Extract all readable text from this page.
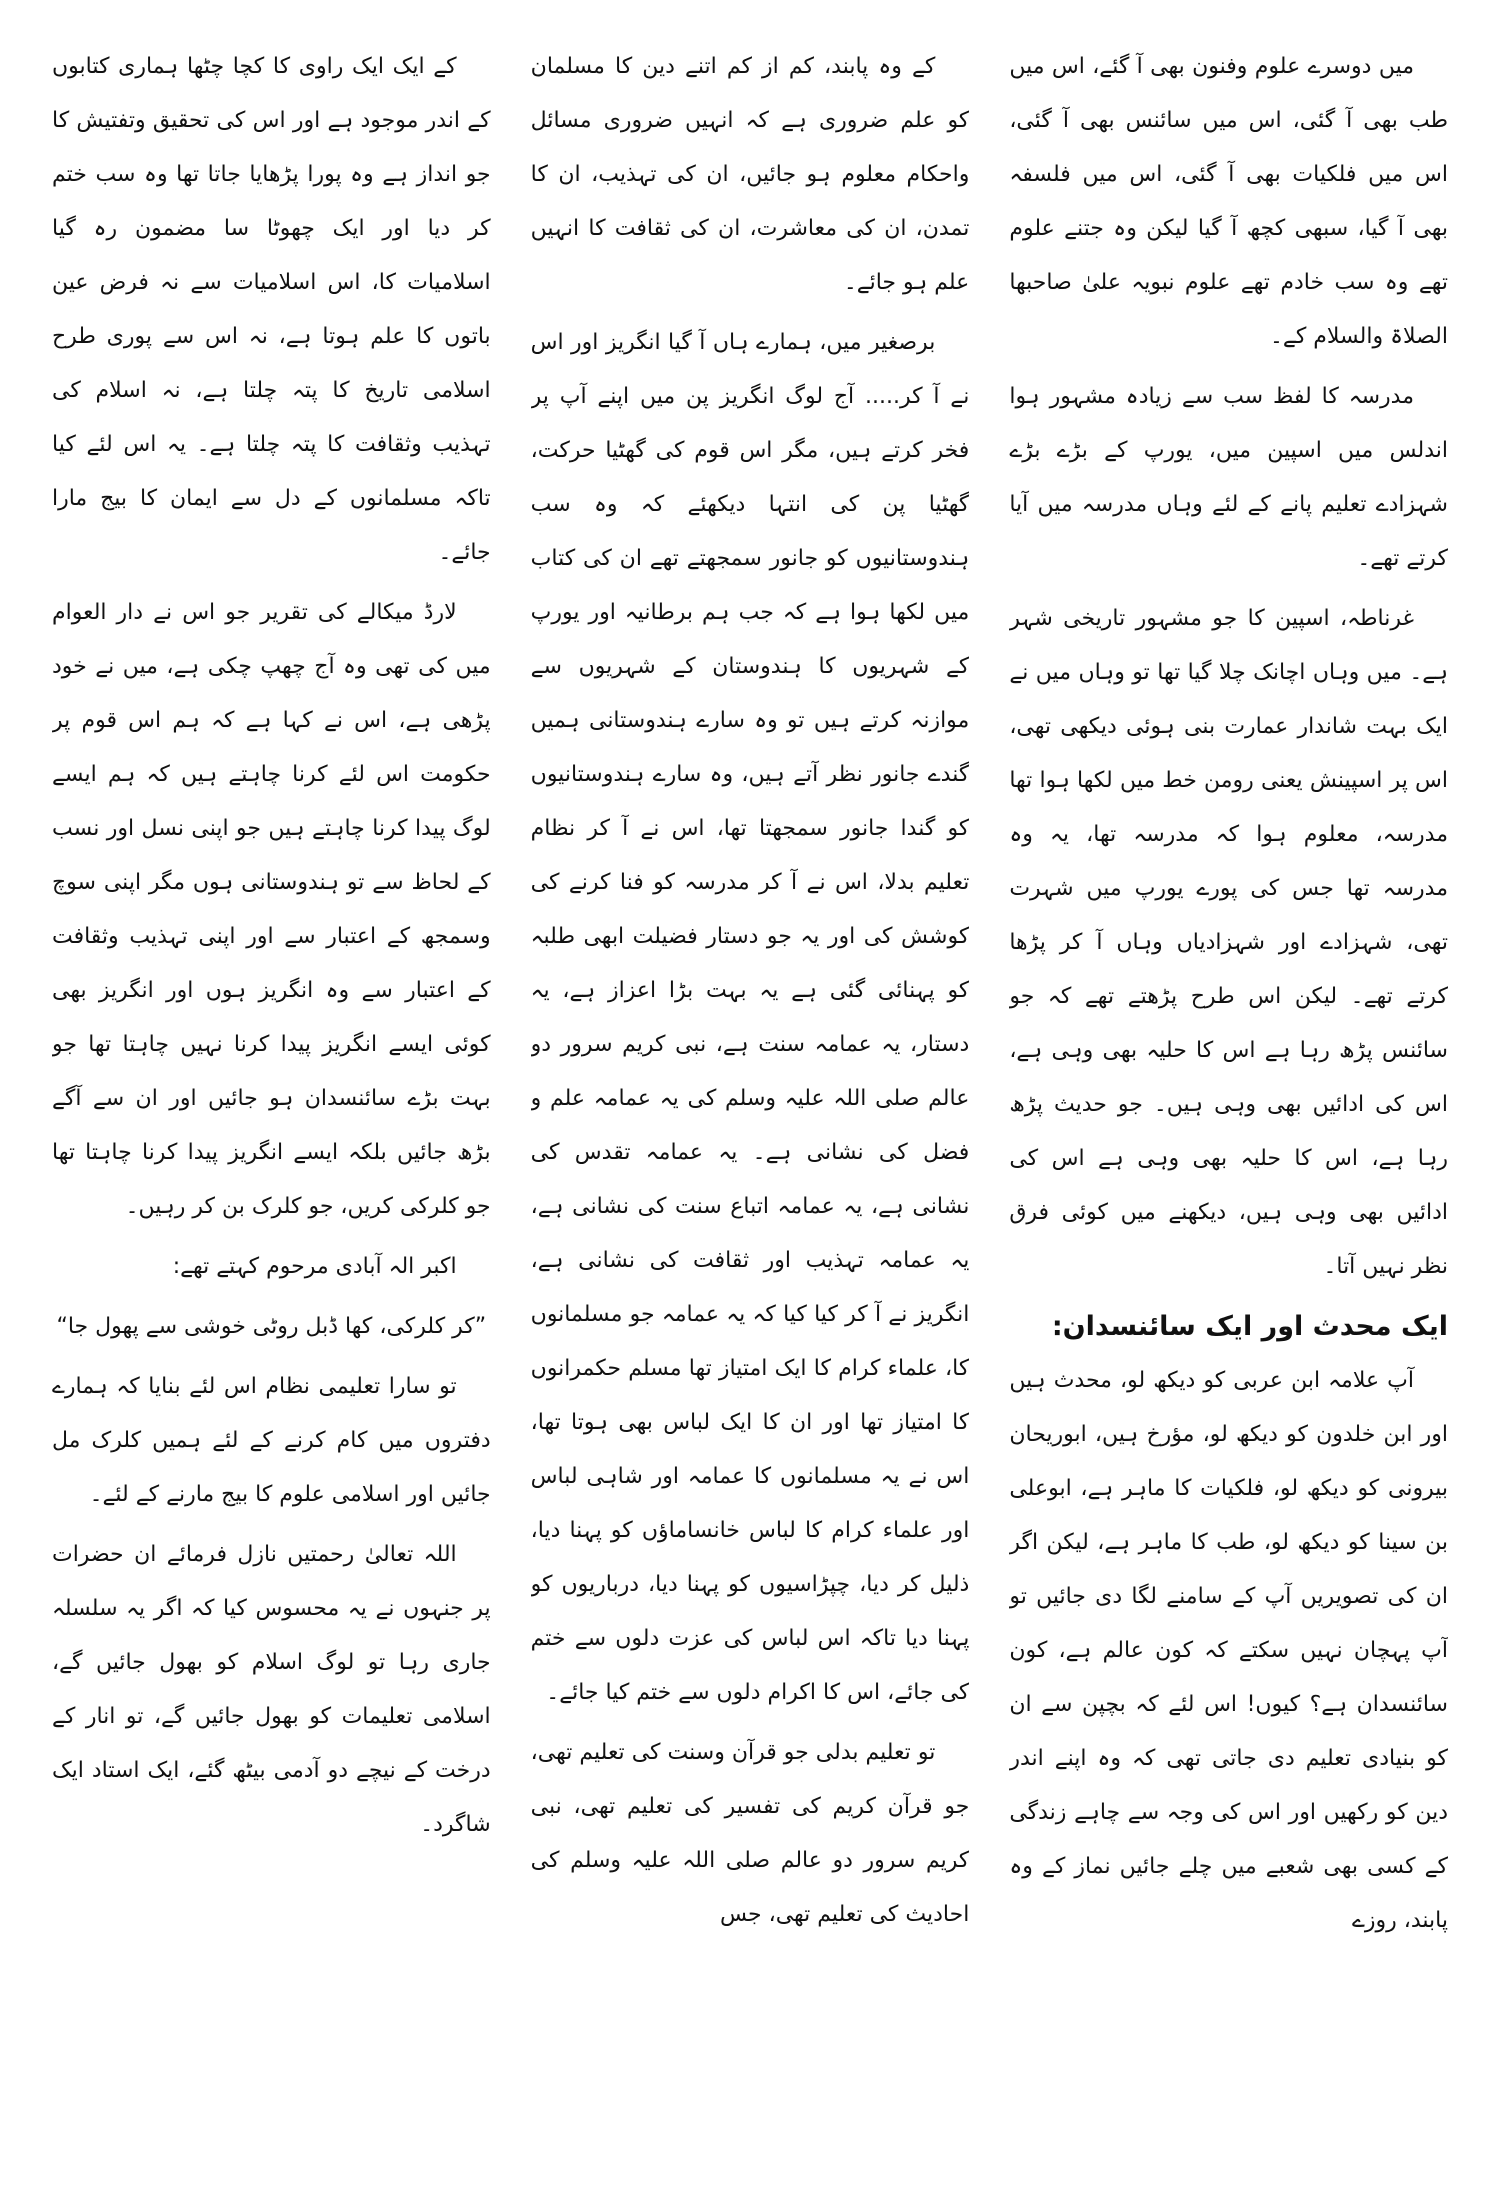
میں دوسرے علوم وفنون بھی آ گئے، اس میں طب بھی آ گئی، اس میں سائنس بھی آ گئی، اس میں فلکیات بھی آ گئی، اس میں فلسفہ بھی آ گیا، سبھی کچھ آ گیا لیکن وہ جتنے علوم تھے وہ سب خادم تھے علوم نبویہ علیٰ صاحبھا الصلاۃ والسلام کے۔

مدرسہ کا لفظ سب سے زیادہ مشہور ہوا اندلس میں اسپین میں، یورپ کے بڑے بڑے شہزادے تعلیم پانے کے لئے وہاں مدرسہ میں آیا کرتے تھے۔

غرناطہ، اسپین کا جو مشہور تاریخی شہر ہے۔ میں وہاں اچانک چلا گیا تھا تو وہاں میں نے ایک بہت شاندار عمارت بنی ہوئی دیکھی تھی، اس پر اسپینش یعنی رومن خط میں لکھا ہوا تھا مدرسہ، معلوم ہوا کہ مدرسہ تھا، یہ وہ مدرسہ تھا جس کی پورے یورپ میں شہرت تھی، شہزادے اور شہزادیاں وہاں آ کر پڑھا کرتے تھے۔ لیکن اس طرح پڑھتے تھے کہ جو سائنس پڑھ رہا ہے اس کا حلیہ بھی وہی ہے، اس کی ادائیں بھی وہی ہیں۔ جو حدیث پڑھ رہا ہے، اس کا حلیہ بھی وہی ہے اس کی ادائیں بھی وہی ہیں، دیکھنے میں کوئی فرق نظر نہیں آتا۔

ایک محدث اور ایک سائنسدان:

آپ علامہ ابن عربی کو دیکھ لو، محدث ہیں اور ابن خلدون کو دیکھ لو، مؤرخ ہیں، ابوریحان بیرونی کو دیکھ لو، فلکیات کا ماہر ہے، ابوعلی بن سینا کو دیکھ لو، طب کا ماہر ہے، لیکن اگر ان کی تصویریں آپ کے سامنے لگا دی جائیں تو آپ پہچان نہیں سکتے کہ کون عالم ہے، کون سائنسدان ہے؟ کیوں! اس لئے کہ بچپن سے ان کو بنیادی تعلیم دی جاتی تھی کہ وہ اپنے اندر دین کو رکھیں اور اس کی وجہ سے چاہے زندگی کے کسی بھی شعبے میں چلے جائیں نماز کے وہ پابند، روزے

کے وہ پابند، کم از کم اتنے دین کا مسلمان کو علم ضروری ہے کہ انہیں ضروری مسائل واحکام معلوم ہو جائیں، ان کی تہذیب، ان کا تمدن، ان کی معاشرت، ان کی ثقافت کا انہیں علم ہو جائے۔

برصغیر میں، ہمارے ہاں آ گیا انگریز اور اس نے آ کر..... آج لوگ انگریز پن میں اپنے آپ پر فخر کرتے ہیں، مگر اس قوم کی گھٹیا حرکت، گھٹیا پن کی انتہا دیکھئے کہ وہ سب ہندوستانیوں کو جانور سمجھتے تھے ان کی کتاب میں لکھا ہوا ہے کہ جب ہم برطانیہ اور یورپ کے شہریوں کا ہندوستان کے شہریوں سے موازنہ کرتے ہیں تو وہ سارے ہندوستانی ہمیں گندے جانور نظر آتے ہیں، وہ سارے ہندوستانیوں کو گندا جانور سمجھتا تھا، اس نے آ کر نظام تعلیم بدلا، اس نے آ کر مدرسہ کو فنا کرنے کی کوشش کی اور یہ جو دستار فضیلت ابھی طلبہ کو پہنائی گئی ہے یہ بہت بڑا اعزاز ہے، یہ دستار، یہ عمامہ سنت ہے، نبی کریم سرور دو عالم صلی اللہ علیہ وسلم کی یہ عمامہ علم و فضل کی نشانی ہے۔ یہ عمامہ تقدس کی نشانی ہے، یہ عمامہ اتباع سنت کی نشانی ہے، یہ عمامہ تہذیب اور ثقافت کی نشانی ہے، انگریز نے آ کر کیا کیا کہ یہ عمامہ جو مسلمانوں کا، علماء کرام کا ایک امتیاز تھا مسلم حکمرانوں کا امتیاز تھا اور ان کا ایک لباس بھی ہوتا تھا، اس نے یہ مسلمانوں کا عمامہ اور شاہی لباس اور علماء کرام کا لباس خانساماؤں کو پہنا دیا، ذلیل کر دیا، چپڑاسیوں کو پہنا دیا، درباریوں کو پہنا دیا تاکہ اس لباس کی عزت دلوں سے ختم کی جائے، اس کا اکرام دلوں سے ختم کیا جائے۔

تو تعلیم بدلی جو قرآن وسنت کی تعلیم تھی، جو قرآن کریم کی تفسیر کی تعلیم تھی، نبی کریم سرور دو عالم صلی اللہ علیہ وسلم کی احادیث کی تعلیم تھی، جس

کے ایک ایک راوی کا کچا چٹھا ہماری کتابوں کے اندر موجود ہے اور اس کی تحقیق وتفتیش کا جو انداز ہے وہ پورا پڑھایا جاتا تھا وہ سب ختم کر دیا اور ایک چھوٹا سا مضمون رہ گیا اسلامیات کا، اس اسلامیات سے نہ فرض عین باتوں کا علم ہوتا ہے، نہ اس سے پوری طرح اسلامی تاریخ کا پتہ چلتا ہے، نہ اسلام کی تہذیب وثقافت کا پتہ چلتا ہے۔ یہ اس لئے کیا تاکہ مسلمانوں کے دل سے ایمان کا بیج مارا جائے۔

لارڈ میکالے کی تقریر جو اس نے دار العوام میں کی تھی وہ آج چھپ چکی ہے، میں نے خود پڑھی ہے، اس نے کہا ہے کہ ہم اس قوم پر حکومت اس لئے کرنا چاہتے ہیں کہ ہم ایسے لوگ پیدا کرنا چاہتے ہیں جو اپنی نسل اور نسب کے لحاظ سے تو ہندوستانی ہوں مگر اپنی سوچ وسمجھ کے اعتبار سے اور اپنی تہذیب وثقافت کے اعتبار سے وہ انگریز ہوں اور انگریز بھی کوئی ایسے انگریز پیدا کرنا نہیں چاہتا تھا جو بہت بڑے سائنسدان ہو جائیں اور ان سے آگے بڑھ جائیں بلکہ ایسے انگریز پیدا کرنا چاہتا تھا جو کلرکی کریں، جو کلرک بن کر رہیں۔

اکبر الہ آبادی مرحوم کہتے تھے:

”کر کلرکی، کھا ڈبل روٹی خوشی سے پھول جا“

تو سارا تعلیمی نظام اس لئے بنایا کہ ہمارے دفتروں میں کام کرنے کے لئے ہمیں کلرک مل جائیں اور اسلامی علوم کا بیج مارنے کے لئے۔

اللہ تعالیٰ رحمتیں نازل فرمائے ان حضرات پر جنہوں نے یہ محسوس کیا کہ اگر یہ سلسلہ جاری رہا تو لوگ اسلام کو بھول جائیں گے، اسلامی تعلیمات کو بھول جائیں گے، تو انار کے درخت کے نیچے دو آدمی بیٹھ گئے، ایک استاد ایک شاگرد۔
